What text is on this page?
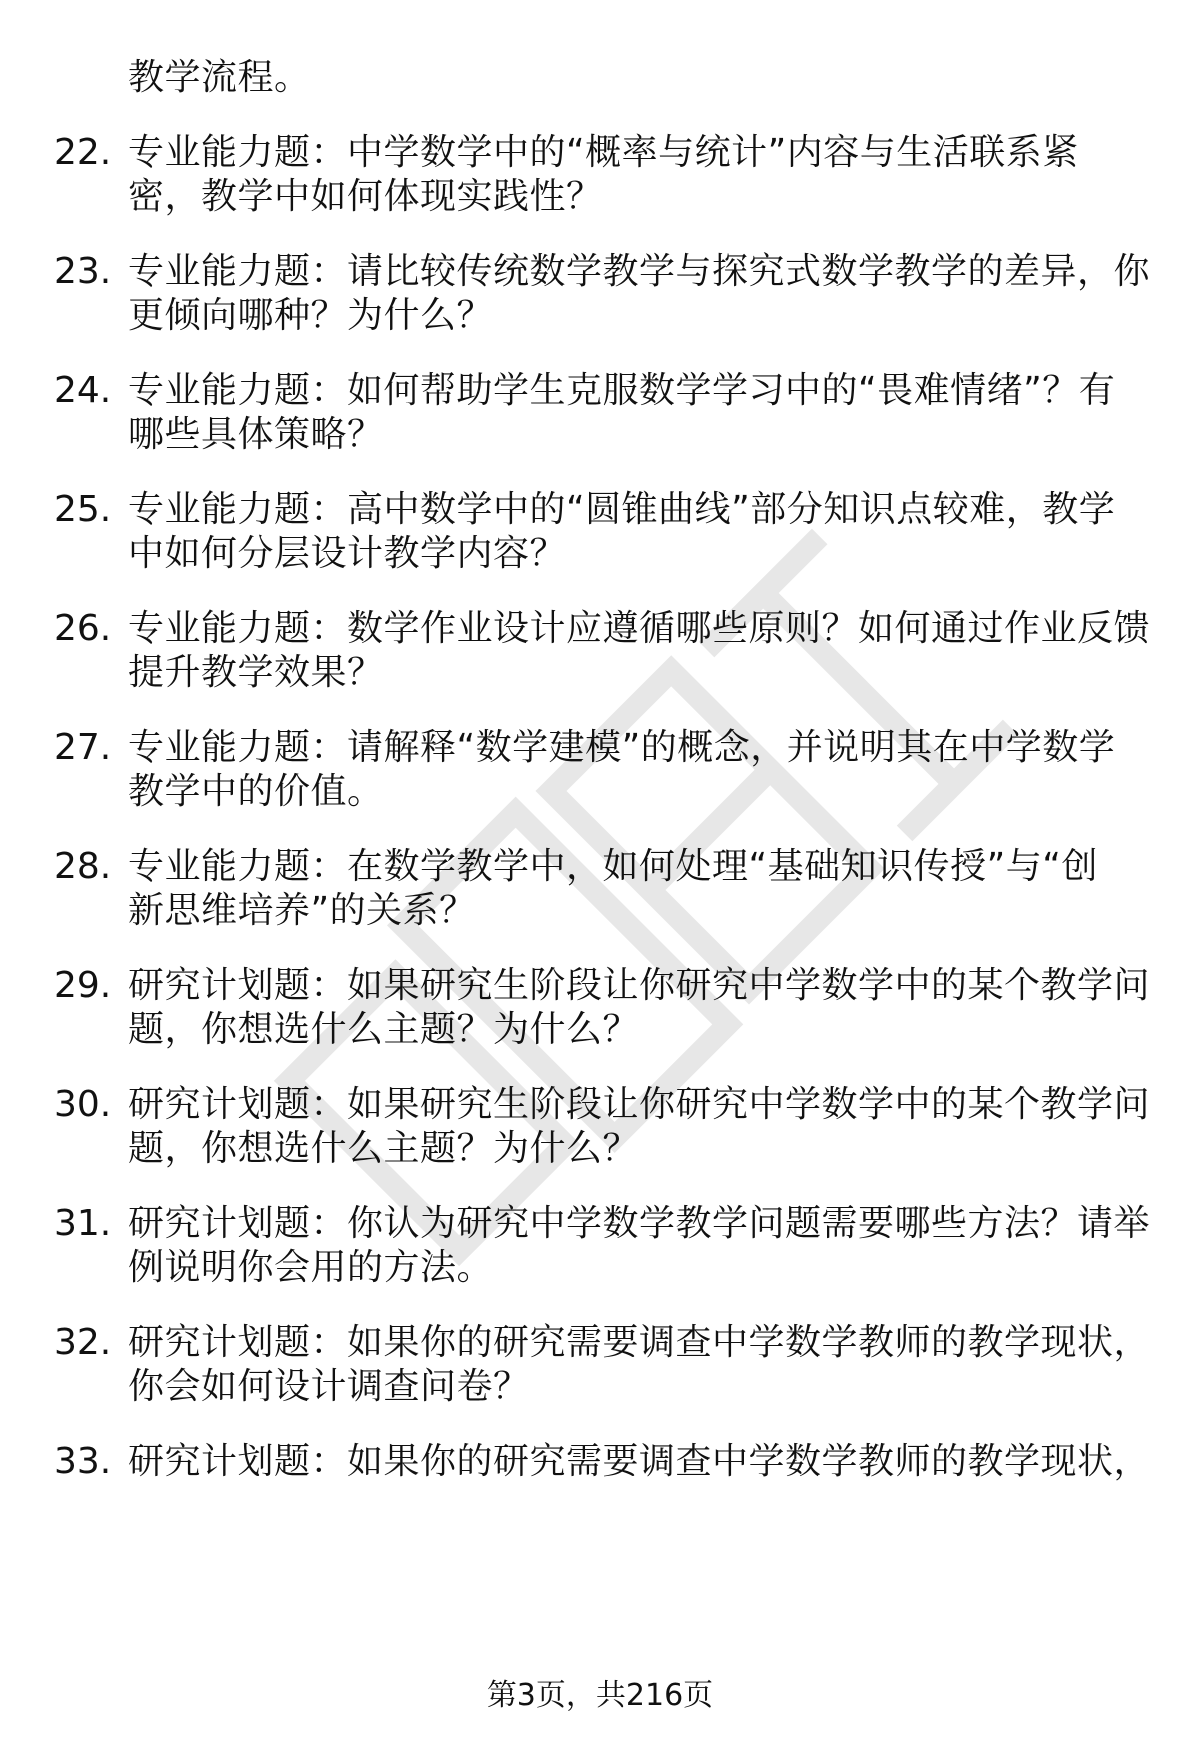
教学流程。
22. 专业能力题：中学数学中的“概率与统计”内容与生活联系紧
密，教学中如何体现实践性？
23. 专业能力题：请比较传统数学教学与探究式数学教学的差异，你
更倾向哪种？为什么？
24. 专业能力题：如何帮助学生克服数学学习中的“畏难情绪”？有
哪些具体策略？
25. 专业能力题：高中数学中的“圆锥曲线”部分知识点较难，教学
中如何分层设计教学内容？
26. 专业能力题：数学作业设计应遵循哪些原则？如何通过作业反馈
提升教学效果？
27. 专业能力题：请解释“数学建模”的概念，并说明其在中学数学
教学中的价值。
28. 专业能力题：在数学教学中，如何处理“基础知识传授”与“创
新思维培养”的关系？
29. 研究计划题：如果研究生阶段让你研究中学数学中的某个教学问
题，你想选什么主题？为什么？
30. 研究计划题：如果研究生阶段让你研究中学数学中的某个教学问
题，你想选什么主题？为什么？
31. 研究计划题：你认为研究中学数学教学问题需要哪些方法？请举
例说明你会用的方法。
32. 研究计划题：如果你的研究需要调查中学数学教师的教学现状，
你会如何设计调查问卷？
33. 研究计划题：如果你的研究需要调查中学数学教师的教学现状，
第3页，共216页
